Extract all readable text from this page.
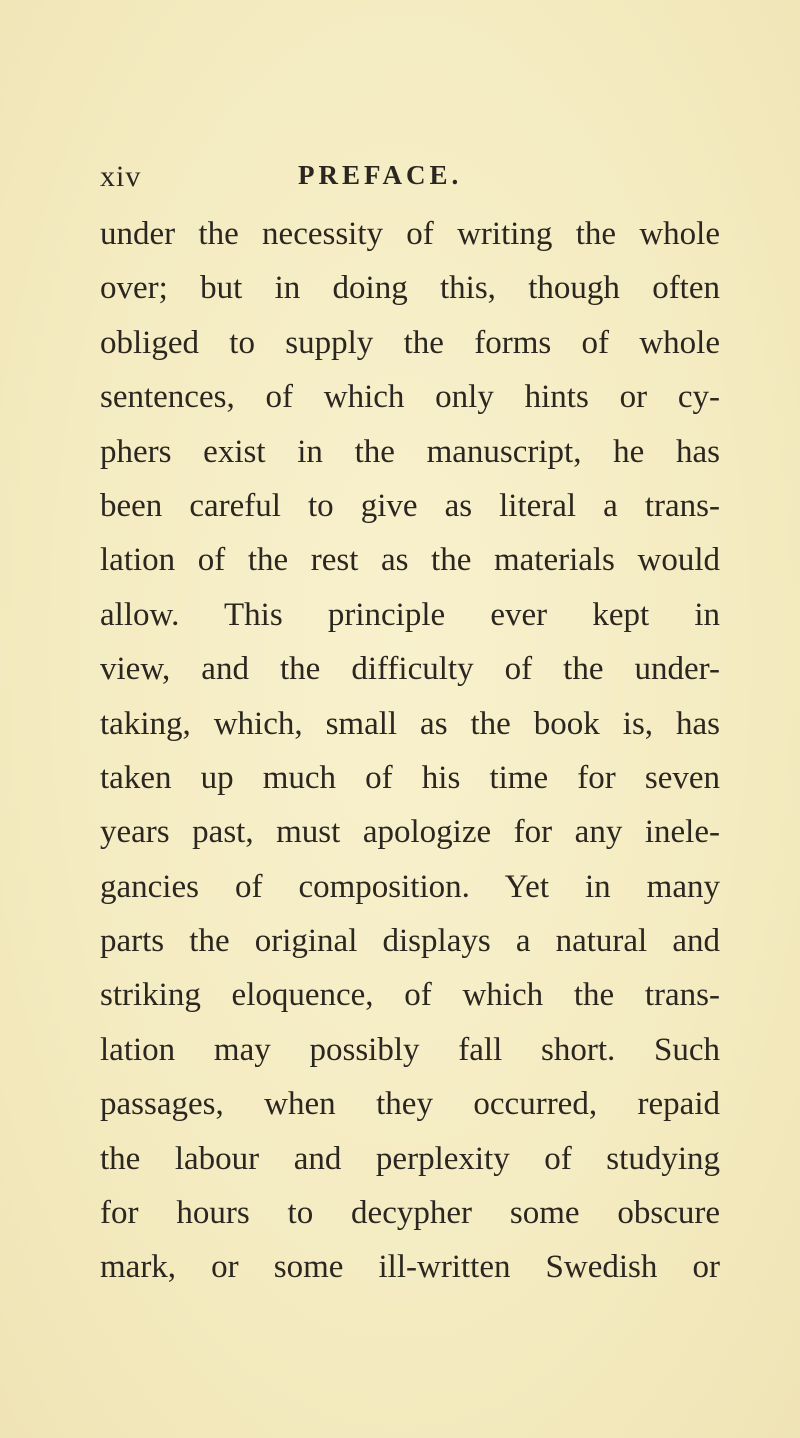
xiv	PREFACE.
under the necessity of writing the whole
over; but in doing this, though often
obliged to supply the forms of whole
sentences, of which only hints or cy-
phers exist in the manuscript, he has
been careful to give as literal a trans-
lation of the rest as the materials would
allow. This principle ever kept in
view, and the difficulty of the under-
taking, which, small as the book is, has
taken up much of his time for seven
years past, must apologize for any inele-
gancies of composition. Yet in many
parts the original displays a natural and
striking eloquence, of which the trans-
lation may possibly fall short. Such
passages, when they occurred, repaid
the labour and perplexity of studying
for hours to decypher some obscure
mark, or some ill-written Swedish or
